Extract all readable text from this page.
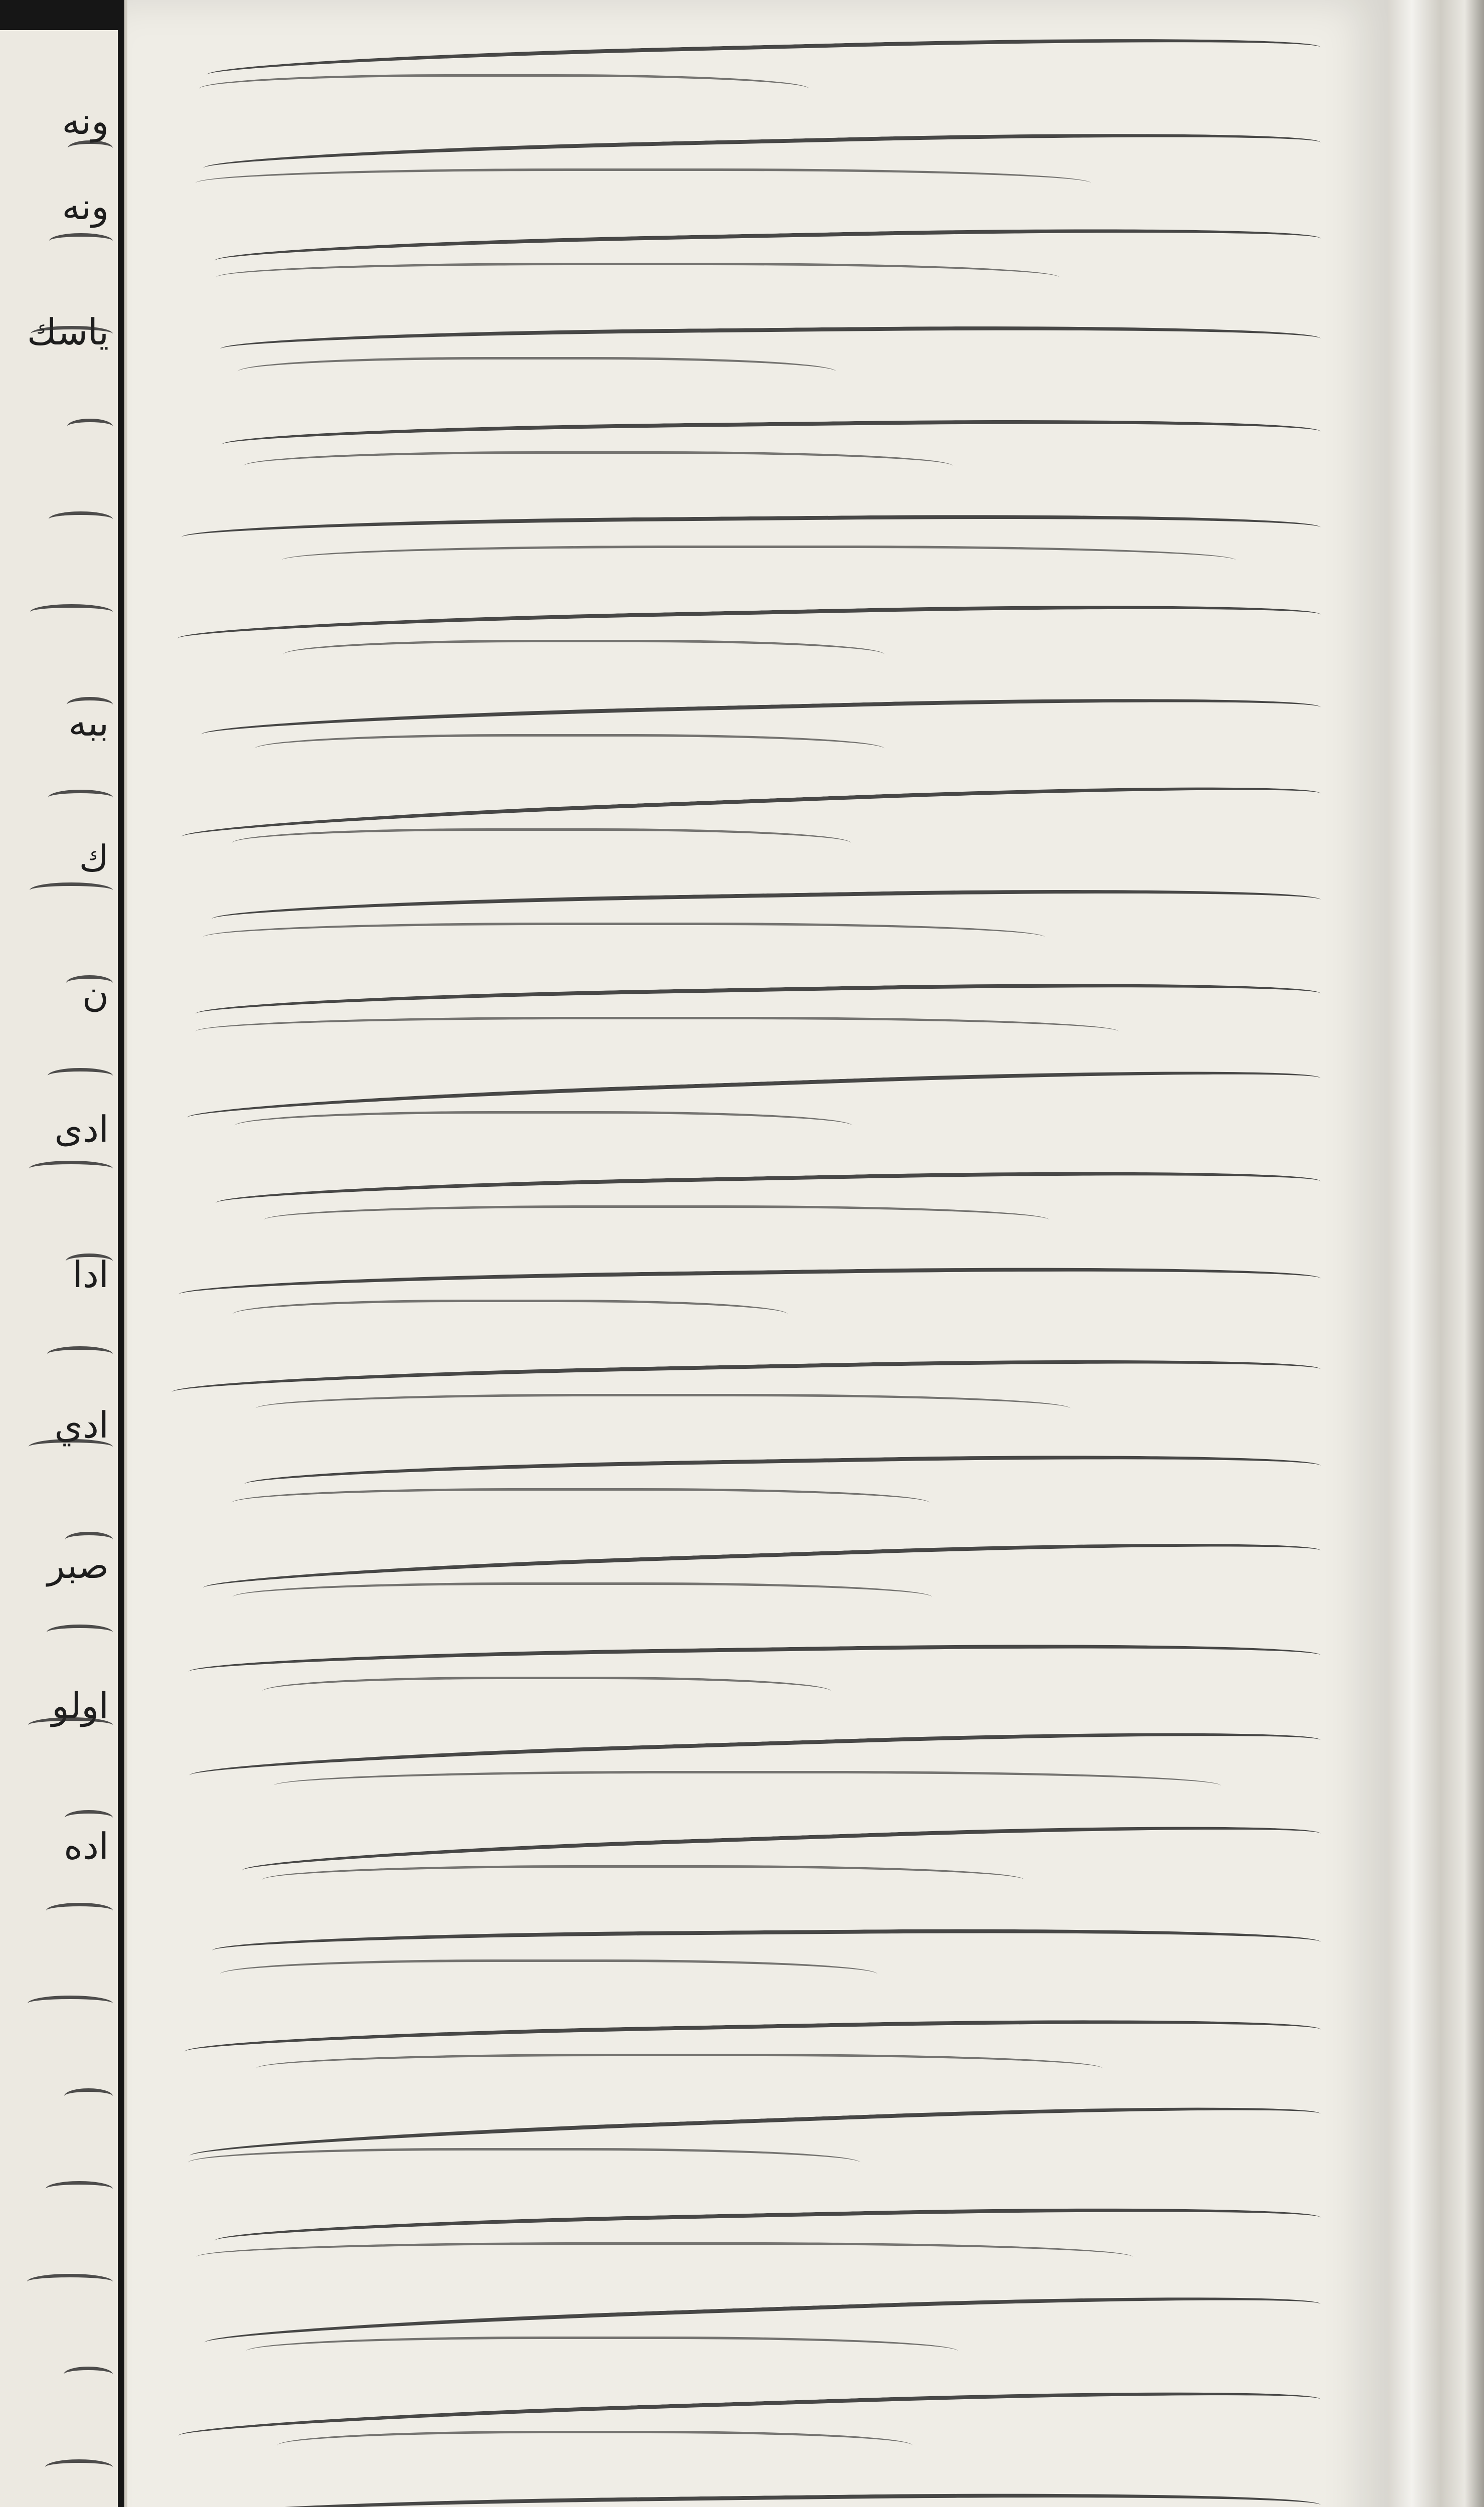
ونه
ونه
ياسك
ببه
ك
ن
ادی
ادا
ادي
صبر
اولو
اده
